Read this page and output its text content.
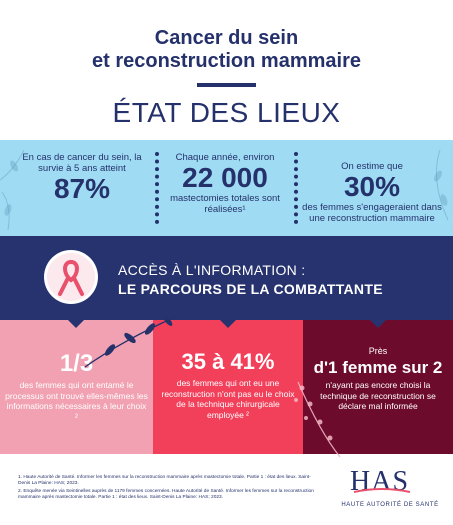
Cancer du sein
et reconstruction mammaire
ÉTAT DES LIEUX
En cas de cancer du sein, la survie à 5 ans atteint
87%
Chaque année, environ
22 000
mastectomies totales sont réalisées¹
On estime que
30%
des femmes s'engageraient dans une reconstruction mammaire
ACCÈS À L'INFORMATION :
LE PARCOURS DE LA COMBATTANTE
1/3
des femmes qui ont entamé le processus ont trouvé elles-mêmes les informations nécessaires à leur choix ²
35 à 41%
des femmes qui ont eu une reconstruction n'ont pas eu le choix de la technique chirurgicale employée ²
Près
d'1 femme sur 2
n'ayant pas encore choisi la technique de reconstruction se déclare mal informée
1. Haute Autorité de Santé. Informer les femmes sur la reconstruction mammaire après mastectomie totale. Partie 1 : état des lieux. Saint-Denis La Plaine: HAS; 2023.
2. Enquête menée via Seintinelles auprès de 1179 femmes concernées. Haute Autorité de Santé. Informer les femmes sur la reconstruction mammaire après mastectomie totale. Partie 1 : état des lieux. Saint-Denis La Plaine: HAS; 2023.
HAS
HAUTE AUTORITÉ DE SANTÉ
